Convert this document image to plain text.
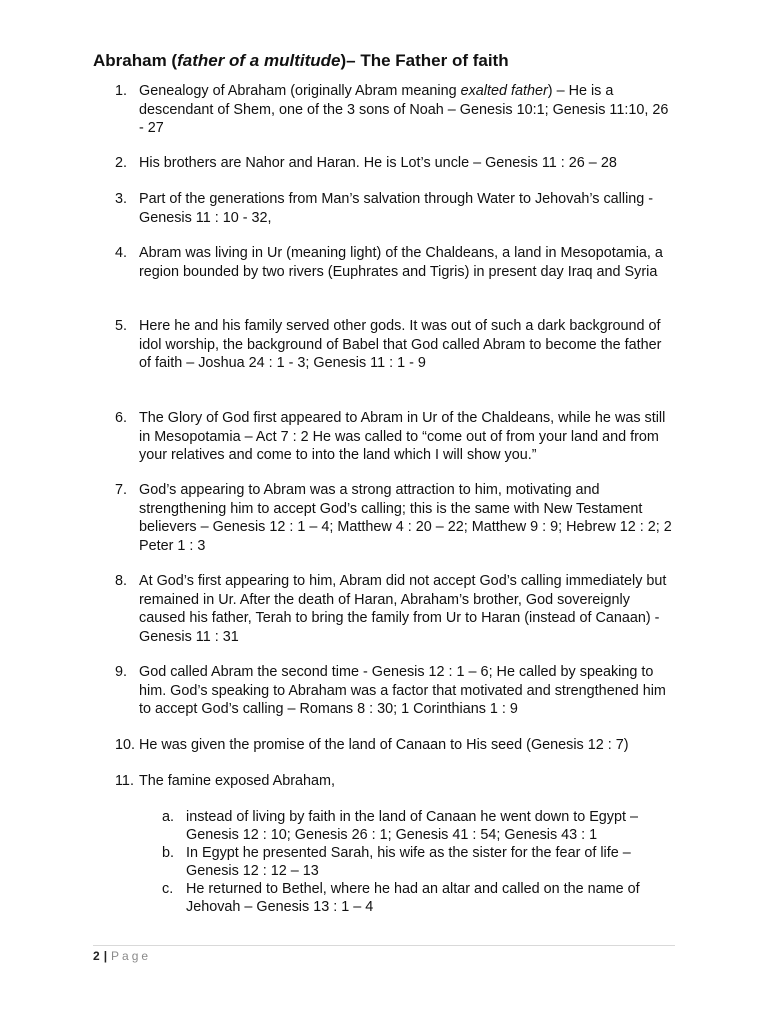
Abraham (father of a multitude)– The Father of faith
1. Genealogy of Abraham (originally Abram meaning exalted father) – He is a descendant of Shem, one of the 3 sons of Noah – Genesis 10:1; Genesis 11:10, 26 - 27
2. His brothers are Nahor and Haran. He is Lot’s uncle – Genesis 11 : 26 – 28
3. Part of the generations from Man’s salvation through Water to Jehovah’s calling - Genesis 11 : 10 - 32,
4. Abram was living in Ur (meaning light) of the Chaldeans, a land in Mesopotamia, a region bounded by two rivers (Euphrates and Tigris) in present day Iraq and Syria
5. Here he and his family served other gods. It was out of such a dark background of idol worship, the background of Babel that God called Abram to become the father of faith – Joshua 24 : 1 - 3; Genesis 11 : 1 - 9
6. The Glory of God first appeared to Abram in Ur of the Chaldeans, while he was still in Mesopotamia – Act 7 : 2 He was called to “come out of from your land and from your relatives and come to into the land which I will show you.”
7. God’s appearing to Abram was a strong attraction to him, motivating and strengthening him to accept God’s calling; this is the same with New Testament believers – Genesis 12 : 1 – 4; Matthew 4 : 20 – 22; Matthew 9 : 9; Hebrew 12 : 2; 2 Peter 1 : 3
8. At God’s first appearing to him, Abram did not accept God’s calling immediately but remained in Ur. After the death of Haran, Abraham’s brother, God sovereignly caused his father, Terah to bring the family from Ur to Haran (instead of Canaan) - Genesis 11 : 31
9. God called Abram the second time - Genesis 12 : 1 – 6; He called by speaking to him. God’s speaking to Abraham was a factor that motivated and strengthened him to accept God’s calling – Romans 8 : 30; 1 Corinthians 1 : 9
10. He was given the promise of the land of Canaan to His seed (Genesis 12 : 7)
11. The famine exposed Abraham,
a. instead of living by faith in the land of Canaan he went down to Egypt – Genesis 12 : 10; Genesis 26 : 1; Genesis 41 : 54; Genesis 43 : 1
b. In Egypt he presented Sarah, his wife as the sister for the fear of life – Genesis 12 : 12 – 13
c. He returned to Bethel, where he had an altar and called on the name of Jehovah – Genesis 13 : 1 – 4
2 | Page
